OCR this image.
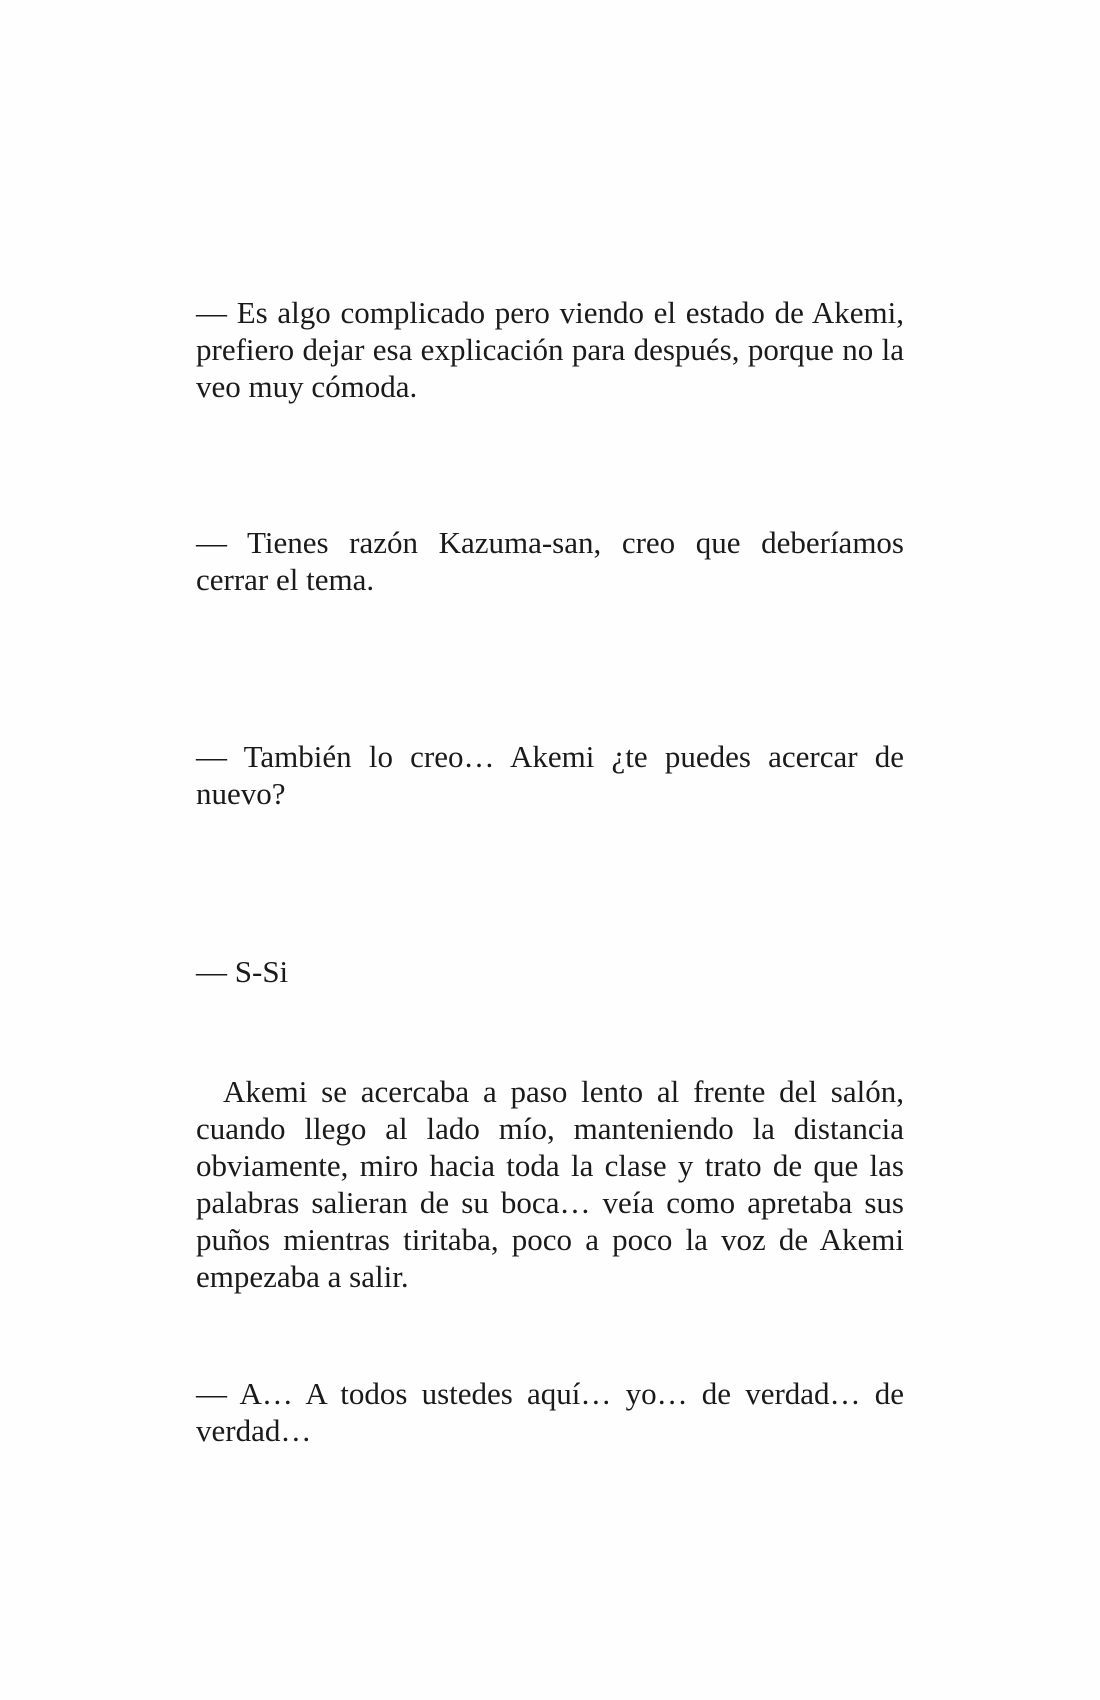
— Es algo complicado pero viendo el estado de Akemi, prefiero dejar esa explicación para después, porque no la veo muy cómoda.

— Tienes razón Kazuma-san, creo que deberíamos cerrar el tema.

— También lo creo… Akemi ¿te puedes acercar de nuevo?

— S-Si

Akemi se acercaba a paso lento al frente del salón, cuando llego al lado mío, manteniendo la distancia obviamente, miro hacia toda la clase y trato de que las palabras salieran de su boca… veía como apretaba sus puños mientras tiritaba, poco a poco la voz de Akemi empezaba a salir.

— A… A todos ustedes aquí… yo… de verdad… de verdad…
